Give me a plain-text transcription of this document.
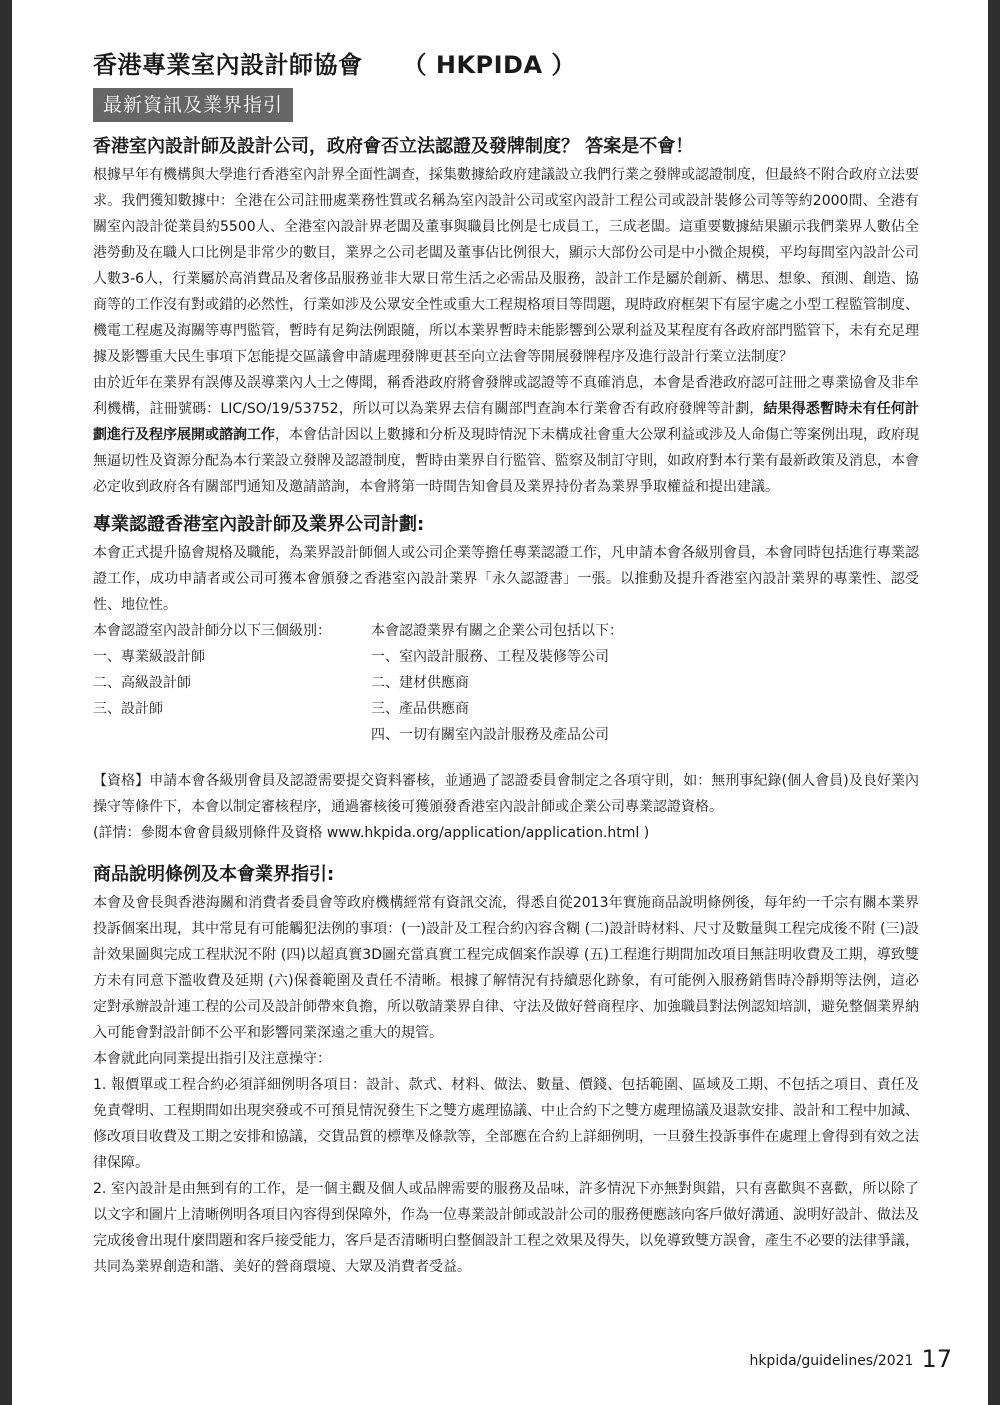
香港專業室內設計師協會 （ HKPIDA ）
最新資訊及業界指引
香港室內設計師及設計公司，政府會否立法認證及發牌制度？ 答案是不會！

根據早年有機構與大學進行香港室內計界全面性調查，採集數據給政府建議設立我們行業之發牌或認證制度，但最終不附合政府立法要求。我們獲知數據中：全港在公司註冊處業務性質或名稱為室內設計公司或室內設計工程公司或設計裝修公司等等約2000間、全港有關室內設計從業員約5500人、全港室內設計界老闆及董事與職員比例是七成員工，三成老闆。這重要數據結果顯示我們業界人數佔全港勞動及在職人口比例是非常少的數目，業界之公司老闆及董事佔比例很大，顯示大部份公司是中小微企規模，平均每間室內設計公司人數3-6人，行業屬於高消費品及奢侈品服務並非大眾日常生活之必需品及服務，設計工作是屬於創新、構思、想象、預測、創造、協商等的工作沒有對或錯的必然性，行業如涉及公眾安全性或重大工程規格項目等問題，現時政府框架下有屋宇處之小型工程監管制度、機電工程處及海關等專門監管，暫時有足夠法例跟隨，所以本業界暫時未能影響到公眾利益及某程度有各政府部門監管下，未有充足理據及影響重大民生事項下怎能提交區議會申請處理發牌更甚至向立法會等開展發牌程序及進行設計行業立法制度？

由於近年在業界有誤傳及誤導業內人士之傳聞，稱香港政府將會發牌或認證等不真確消息，本會是香港政府認可註冊之專業協會及非牟利機構，註冊號碼：LIC/SO/19/53752，所以可以為業界去信有關部門查詢本行業會否有政府發牌等計劃，結果得悉暫時未有任何計劃進行及程序展開或諮詢工作，本會估計因以上數據和分析及現時情況下未構成社會重大公眾利益或涉及人命傷亡等案例出現，政府現無逼切性及資源分配為本行業設立發牌及認證制度，暫時由業界自行監管、監察及制訂守則，如政府對本行業有最新政策及消息，本會必定收到政府各有關部門通知及邀請諮詢，本會將第一時間告知會員及業界持份者為業界爭取權益和提出建議。

專業認證香港室內設計師及業界公司計劃:

本會正式提升協會規格及職能，為業界設計師個人或公司企業等擔任專業認證工作，凡申請本會各級別會員，本會同時包括進行專業認證工作，成功申請者或公司可獲本會頒發之香港室內設計業界「永久認證書」一張。以推動及提升香港室內設計業界的專業性、認受性、地位性。

本會認證室內設計師分以下三個級別：
一、專業級設計師
二、高級設計師
三、設計師
本會認證業界有關之企業公司包括以下：
一、室內設計服務、工程及裝修等公司
二、建材供應商
三、產品供應商
四、一切有關室內設計服務及產品公司

【資格】申請本會各級別會員及認證需要提交資料審核，並通過了認證委員會制定之各項守則，如：無刑事紀錄(個人會員)及良好業內操守等條件下，本會以制定審核程序，通過審核後可獲頒發香港室內設計師或企業公司專業認證資格。

(詳情：參閱本會會員級別條件及資格 www.hkpida.org/application/application.html )
商品說明條例及本會業界指引:

本會及會長與香港海關和消費者委員會等政府機構經常有資訊交流，得悉自從2013年實施商品說明條例後，每年約一千宗有關本業界投訴個案出現，其中常見有可能觸犯法例的事項：(一)設計及工程合約內容含糊 (二)設計時材料、尺寸及數量與工程完成後不附 (三)設計效果圖與完成工程狀況不附 (四)以超真實3D圖充當真實工程完成個案作誤導 (五)工程進行期間加改項目無註明收費及工期，導致雙方未有同意下濫收費及延期 (六)保養範圍及責任不清晰。根據了解情況有持續惡化跡象，有可能例入服務銷售時冷靜期等法例，這必定對承辦設計連工程的公司及設計師帶來負擔，所以敬請業界自律、守法及做好營商程序、加強職員對法例認知培訓，避免整個業界納入可能會對設計師不公平和影響同業深遠之重大的規管。

本會就此向同業提出指引及注意操守：

1. 報價單或工程合約必須詳細例明各項目：設計、款式、材料、做法、數量、價錢、包括範圍、區域及工期、不包括之項目、責任及免責聲明、工程期間如出現突發或不可預見情況發生下之雙方處理協議、中止合約下之雙方處理協議及退款安排、設計和工程中加減、修改項目收費及工期之安排和協議，交貨品質的標準及條款等，全部應在合約上詳細例明，一旦發生投訴事件在處理上會得到有效之法律保障。

2. 室內設計是由無到有的工作，是一個主觀及個人或品牌需要的服務及品味，許多情況下亦無對與錯，只有喜歡與不喜歡，所以除了以文字和圖片上清晰例明各項目內容得到保障外，作為一位專業設計師或設計公司的服務便應該向客戶做好溝通、說明好設計、做法及完成後會出現什麼問題和客戶接受能力，客戶是否清晰明白整個設計工程之效果及得失，以免導致雙方誤會，產生不必要的法律爭議，共同為業界創造和諧、美好的營商環境、大眾及消費者受益。

hkpida/guidelines/2021 17
